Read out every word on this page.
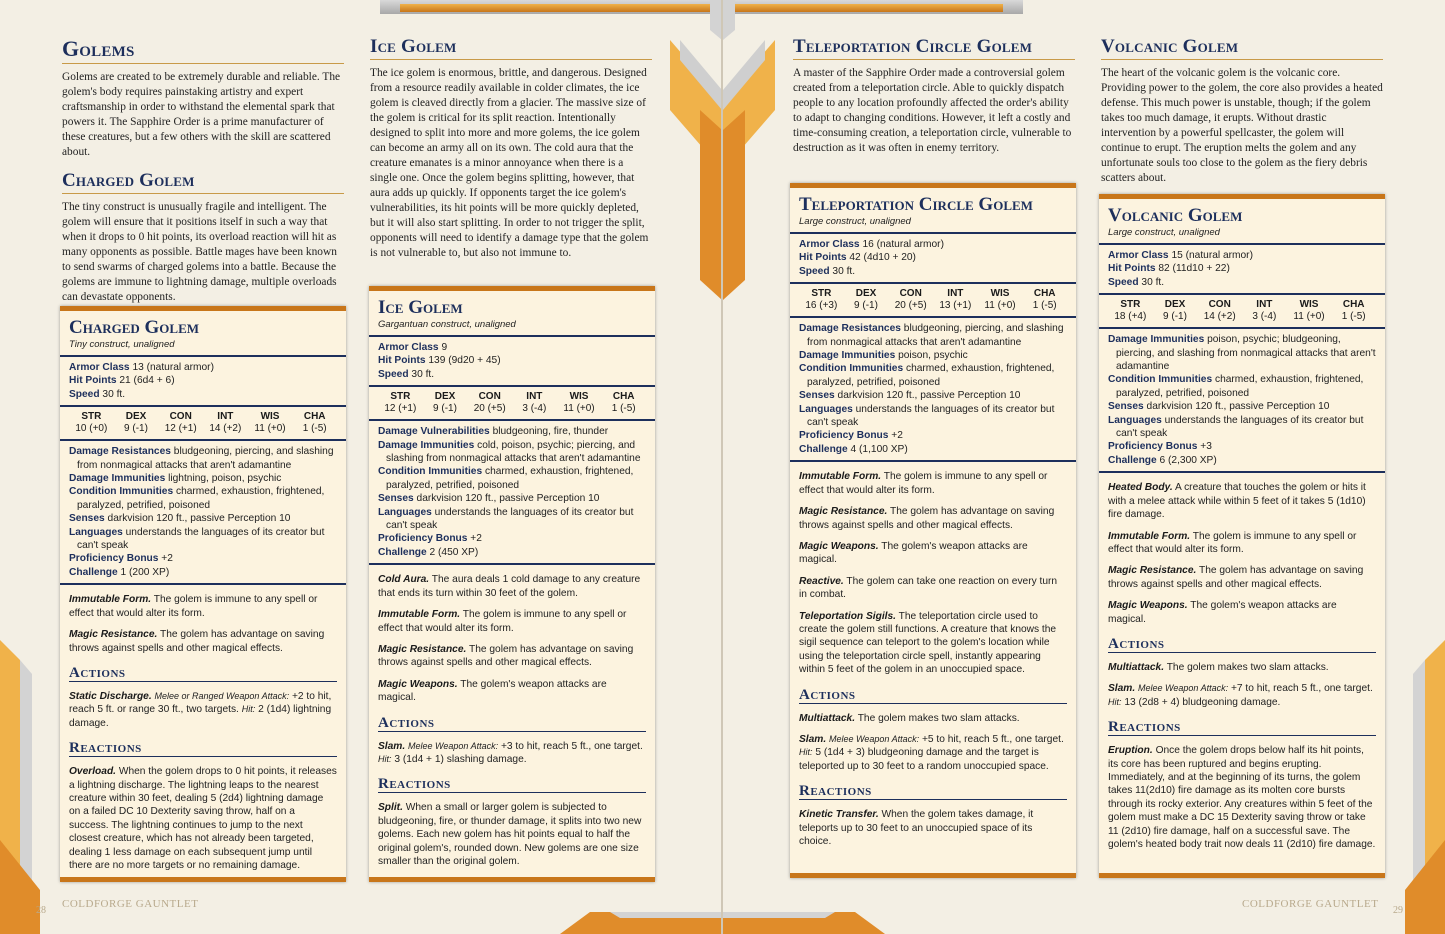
Golems
Golems are created to be extremely durable and reliable. The golem's body requires painstaking artistry and expert craftsmanship in order to withstand the elemental spark that powers it. The Sapphire Order is a prime manufacturer of these creatures, but a few others with the skill are scattered about.
Charged Golem
The tiny construct is unusually fragile and intelligent. The golem will ensure that it positions itself in such a way that when it drops to 0 hit points, its overload reaction will hit as many opponents as possible. Battle mages have been known to send swarms of charged golems into a battle. Because the golems are immune to lightning damage, multiple overloads can devastate opponents.
Ice Golem
The ice golem is enormous, brittle, and dangerous. Designed from a resource readily available in colder climates, the ice golem is cleaved directly from a glacier. The massive size of the golem is critical for its split reaction. Intentionally designed to split into more and more golems, the ice golem can become an army all on its own. The cold aura that the creature emanates is a minor annoyance when there is a single one. Once the golem begins splitting, however, that aura adds up quickly. If opponents target the ice golem's vulnerabilities, its hit points will be more quickly depleted, but it will also start splitting. In order to not trigger the split, opponents will need to identify a damage type that the golem is not vulnerable to, but also not immune to.
Charged Golem
Tiny construct, unaligned
Armor Class 13 (natural armor)
Hit Points 21 (6d4 + 6)
Speed 30 ft.
STR
10 (+0)
DEX
9 (-1)
CON
12 (+1)
INT
14 (+2)
WIS
11 (+0)
CHA
1 (-5)
Damage Resistances bludgeoning, piercing, and slashing from nonmagical attacks that aren't adamantine
Damage Immunities lightning, poison, psychic
Condition Immunities charmed, exhaustion, frightened, paralyzed, petrified, poisoned
Senses darkvision 120 ft., passive Perception 10
Languages understands the languages of its creator but can't speak
Proficiency Bonus +2
Challenge 1 (200 XP)
Immutable Form. The golem is immune to any spell or effect that would alter its form.
Magic Resistance. The golem has advantage on saving throws against spells and other magical effects.
Actions
Static Discharge. Melee or Ranged Weapon Attack: +2 to hit, reach 5 ft. or range 30 ft., two targets. Hit: 2 (1d4) lightning damage.
Reactions
Overload. When the golem drops to 0 hit points, it releases a lightning discharge. The lightning leaps to the nearest creature within 30 feet, dealing 5 (2d4) lightning damage on a failed DC 10 Dexterity saving throw, half on a success. The lightning continues to jump to the next closest creature, which has not already been targeted, dealing 1 less damage on each subsequent jump until there are no more targets or no remaining damage.
Ice Golem
Gargantuan construct, unaligned
Armor Class 9
Hit Points 139 (9d20 + 45)
Speed 30 ft.
STR
12 (+1)
DEX
9 (-1)
CON
20 (+5)
INT
3 (-4)
WIS
11 (+0)
CHA
1 (-5)
Damage Vulnerabilities bludgeoning, fire, thunder
Damage Immunities cold, poison, psychic; piercing, and slashing from nonmagical attacks that aren't adamantine
Condition Immunities charmed, exhaustion, frightened, paralyzed, petrified, poisoned
Senses darkvision 120 ft., passive Perception 10
Languages understands the languages of its creator but can't speak
Proficiency Bonus +2
Challenge 2 (450 XP)
Cold Aura. The aura deals 1 cold damage to any creature that ends its turn within 30 feet of the golem.
Immutable Form. The golem is immune to any spell or effect that would alter its form.
Magic Resistance. The golem has advantage on saving throws against spells and other magical effects.
Magic Weapons. The golem's weapon attacks are magical.
Actions
Slam. Melee Weapon Attack: +3 to hit, reach 5 ft., one target. Hit: 3 (1d4 + 1) slashing damage.
Reactions
Split. When a small or larger golem is subjected to bludgeoning, fire, or thunder damage, it splits into two new golems. Each new golem has hit points equal to half the original golem's, rounded down. New golems are one size smaller than the original golem.
COLDFORGE GAUNTLET
28
Teleportation Circle Golem
A master of the Sapphire Order made a controversial golem created from a teleportation circle. Able to quickly dispatch people to any location profoundly affected the order's ability to adapt to changing conditions. However, it left a costly and time-consuming creation, a teleportation circle, vulnerable to destruction as it was often in enemy territory.
Volcanic Golem
The heart of the volcanic golem is the volcanic core. Providing power to the golem, the core also provides a heated defense. This much power is unstable, though; if the golem takes too much damage, it erupts. Without drastic intervention by a powerful spellcaster, the golem will continue to erupt. The eruption melts the golem and any unfortunate souls too close to the golem as the fiery debris scatters about.
Teleportation Circle Golem
Large construct, unaligned
Armor Class 16 (natural armor)
Hit Points 42 (4d10 + 20)
Speed 30 ft.
STR
16 (+3)
DEX
9 (-1)
CON
20 (+5)
INT
13 (+1)
WIS
11 (+0)
CHA
1 (-5)
Damage Resistances bludgeoning, piercing, and slashing from nonmagical attacks that aren't adamantine
Damage Immunities poison, psychic
Condition Immunities charmed, exhaustion, frightened, paralyzed, petrified, poisoned
Senses darkvision 120 ft., passive Perception 10
Languages understands the languages of its creator but can't speak
Proficiency Bonus +2
Challenge 4 (1,100 XP)
Immutable Form. The golem is immune to any spell or effect that would alter its form.
Magic Resistance. The golem has advantage on saving throws against spells and other magical effects.
Magic Weapons. The golem's weapon attacks are magical.
Reactive. The golem can take one reaction on every turn in combat.
Teleportation Sigils. The teleportation circle used to create the golem still functions. A creature that knows the sigil sequence can teleport to the golem's location while using the teleportation circle spell, instantly appearing within 5 feet of the golem in an unoccupied space.
Actions
Multiattack. The golem makes two slam attacks.
Slam. Melee Weapon Attack: +5 to hit, reach 5 ft., one target. Hit: 5 (1d4 + 3) bludgeoning damage and the target is teleported up to 30 feet to a random unoccupied space.
Reactions
Kinetic Transfer. When the golem takes damage, it teleports up to 30 feet to an unoccupied space of its choice.
Volcanic Golem
Large construct, unaligned
Armor Class 15 (natural armor)
Hit Points 82 (11d10 + 22)
Speed 30 ft.
STR
18 (+4)
DEX
9 (-1)
CON
14 (+2)
INT
3 (-4)
WIS
11 (+0)
CHA
1 (-5)
Damage Immunities poison, psychic; bludgeoning, piercing, and slashing from nonmagical attacks that aren't adamantine
Condition Immunities charmed, exhaustion, frightened, paralyzed, petrified, poisoned
Senses darkvision 120 ft., passive Perception 10
Languages understands the languages of its creator but can't speak
Proficiency Bonus +3
Challenge 6 (2,300 XP)
Heated Body. A creature that touches the golem or hits it with a melee attack while within 5 feet of it takes 5 (1d10) fire damage.
Immutable Form. The golem is immune to any spell or effect that would alter its form.
Magic Resistance. The golem has advantage on saving throws against spells and other magical effects.
Magic Weapons. The golem's weapon attacks are magical.
Actions
Multiattack. The golem makes two slam attacks.
Slam. Melee Weapon Attack: +7 to hit, reach 5 ft., one target. Hit: 13 (2d8 + 4) bludgeoning damage.
Reactions
Eruption. Once the golem drops below half its hit points, its core has been ruptured and begins erupting. Immediately, and at the beginning of its turns, the golem takes 11(2d10) fire damage as its molten core bursts through its rocky exterior. Any creatures within 5 feet of the golem must make a DC 15 Dexterity saving throw or take 11 (2d10) fire damage, half on a successful save. The golem's heated body trait now deals 11 (2d10) fire damage.
COLDFORGE GAUNTLET
29
